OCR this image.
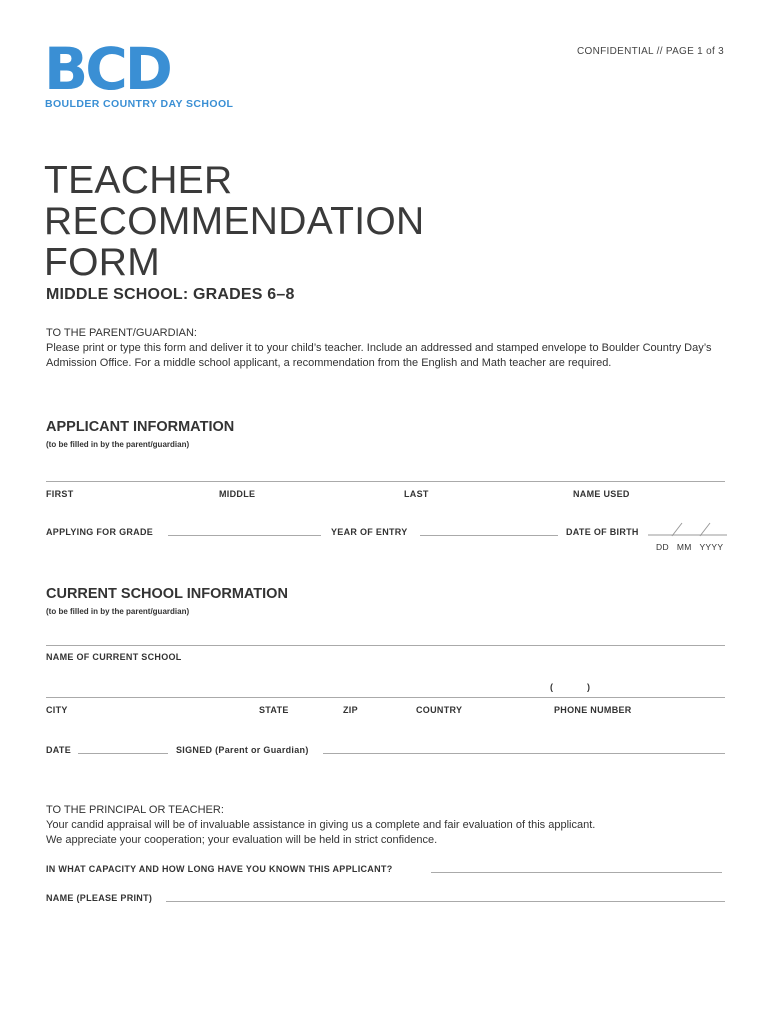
BCD
BOULDER COUNTRY DAY SCHOOL
CONFIDENTIAL // PAGE 1 of 3
TEACHER
RECOMMENDATION
FORM
MIDDLE SCHOOL: GRADES 6–8
TO THE PARENT/GUARDIAN:
Please print or type this form and deliver it to your child’s teacher. Include an addressed and stamped envelope to Boulder Country Day’s Admission Office. For a middle school applicant, a recommendation from the English and Math teacher are required.
APPLICANT INFORMATION
(to be filled in by the parent/guardian)
FIRST	MIDDLE	LAST	NAME USED
APPLYING FOR GRADE	YEAR OF ENTRY	DATE OF BIRTH
DD   MM   YYYY
CURRENT SCHOOL INFORMATION
(to be filled in by the parent/guardian)
NAME OF CURRENT SCHOOL
(	)
CITY	STATE	ZIP	COUNTRY	PHONE NUMBER
DATE	SIGNED (Parent or Guardian)
TO THE PRINCIPAL OR TEACHER:
Your candid appraisal will be of invaluable assistance in giving us a complete and fair evaluation of this applicant.
We appreciate your cooperation; your evaluation will be held in strict confidence.
IN WHAT CAPACITY AND HOW LONG HAVE YOU KNOWN THIS APPLICANT?
NAME (PLEASE PRINT)
